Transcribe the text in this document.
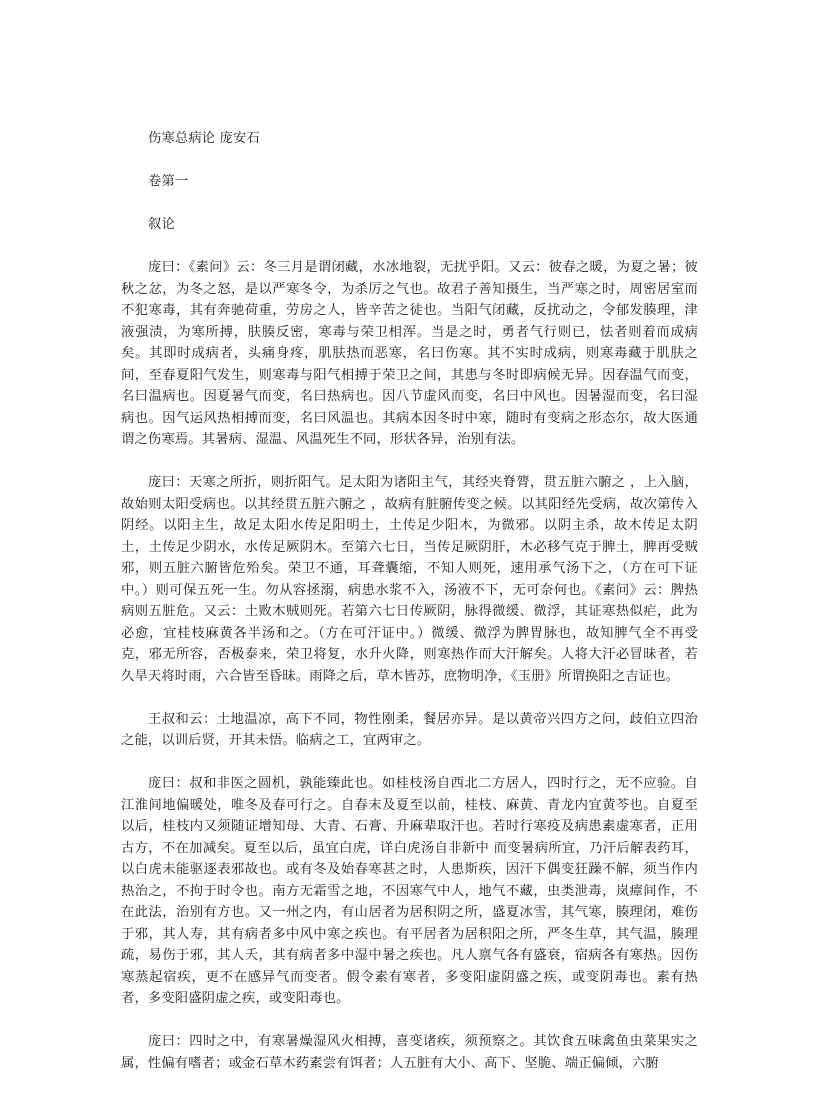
伤寒总病论 庞安石

卷第一

叙论

庞曰：《素问》云：冬三月是谓闭藏，水冰地裂，无扰乎阳。又云：彼春之暖，为夏之暑；彼秋之忿，为冬之怒，是以严寒冬令，为杀厉之气也。故君子善知摄生，当严寒之时，周密居室而不犯寒毒，其有奔驰荷重，劳房之人，皆辛苦之徒也。当阳气闭藏，反扰动之，令郁发腠理，津液强渍，为寒所搏，肤腠反密，寒毒与荣卫相浑。当是之时，勇者气行则已，怯者则着而成病矣。其即时成病者，头痛身疼，肌肤热而恶寒，名曰伤寒。其不实时成病，则寒毒藏于肌肤之间，至春夏阳气发生，则寒毒与阳气相搏于荣卫之间，其患与冬时即病候无异。因春温气而变，名曰温病也。因夏暑气而变，名曰热病也。因八节虚风而变，名曰中风也。因暑湿而变，名曰湿病也。因气运风热相搏而变，名曰风温也。其病本因冬时中寒，随时有变病之形态尔，故大医通谓之伤寒焉。其暑病、湿温、风温死生不同，形状各异，治别有法。

庞曰：天寒之所折，则折阳气。足太阳为诸阳主气，其经夹脊膂，贯五脏六腑之 ，上入脑，故始则太阳受病也。以其经贯五脏六腑之 ，故病有脏腑传变之候。以其阳经先受病，故次第传入阴经。以阳主生，故足太阳水传足阳明土，土传足少阳木，为微邪。以阴主杀，故木传足太阴土，土传足少阴水，水传足厥阴木。至第六七日，当传足厥阴肝，木必移气克于脾土，脾再受贼邪，则五脏六腑皆危殆矣。荣卫不通，耳聋囊缩，不知人则死，速用承气汤下之，（方在可下证中。）则可保五死一生。勿从容拯溺，病患水浆不入，汤液不下，无可奈何也。《素问》云：脾热病则五脏危。又云：土败木贼则死。若第六七日传厥阴，脉得微缓、微浮，其证寒热似疟，此为必愈，宜桂枝麻黄各半汤和之。（方在可汗证中。）微缓、微浮为脾胃脉也，故知脾气全不再受克，邪无所容，否极泰来，荣卫将复，水升火降，则寒热作而大汗解矣。人将大汗必冒昧者，若久旱天将时雨，六合皆至昏昧。雨降之后，草木皆苏，庶物明净，《玉册》所谓换阳之吉证也。

王叔和云：土地温凉，高下不同，物性刚柔，餐居亦异。是以黄帝兴四方之问，歧伯立四治之能，以训后贤，开其未悟。临病之工，宜两审之。

庞曰：叔和非医之圆机，孰能臻此也。如桂枝汤自西北二方居人，四时行之，无不应验。自江淮间地偏暖处，唯冬及春可行之。自春末及夏至以前，桂枝、麻黄、青龙内宜黄芩也。自夏至以后，桂枝内又须随证增知母、大青、石膏、升麻辈取汗也。若时行寒疫及病患素虚寒者，正用古方，不在加减矣。夏至以后，虽宜白虎，详白虎汤自非新中 而变暑病所宜，乃汗后解表药耳，以白虎未能驱逐表邪故也。或有冬及始春寒甚之时，人患斯疾，因汗下偶变狂躁不解，须当作内热治之，不拘于时令也。南方无霜雪之地，不因寒气中人，地气不藏，虫类泄毒，岚瘴间作，不在此法，治别有方也。又一州之内，有山居者为居积阴之所，盛夏冰雪，其气寒，腠理闭，难伤于邪，其人寿，其有病者多中风中寒之疾也。有平居者为居积阳之所，严冬生草，其气温，腠理疏，易伤于邪，其人夭，其有病者多中湿中暑之疾也。凡人禀气各有盛衰，宿病各有寒热。因伤寒蒸起宿疾，更不在感异气而变者。假令素有寒者，多变阳虚阴盛之疾，或变阴毒也。素有热者，多变阳盛阴虚之疾，或变阳毒也。

庞曰：四时之中，有寒暑燥湿风火相搏，喜变诸疾，须预察之。其饮食五味禽鱼虫菜果实之属，性偏有嗜者；或金石草木药素尝有饵者；人五脏有大小、高下、坚脆、端正偏倾，六腑
